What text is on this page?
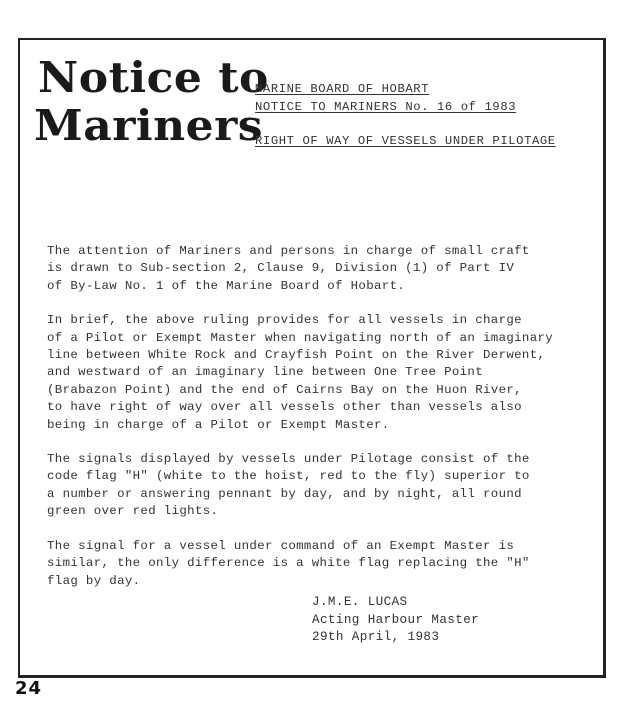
Notice to
Mariners
MARINE BOARD OF HOBART
NOTICE TO MARINERS No. 16 of 1983
RIGHT OF WAY OF VESSELS UNDER PILOTAGE
The attention of Mariners and persons in charge of small craft
is drawn to Sub-section 2, Clause 9, Division (1) of Part IV
of By-Law No. 1 of the Marine Board of Hobart.
In brief, the above ruling provides for all vessels in charge
of a Pilot or Exempt Master when navigating north of an imaginary
line between White Rock and Crayfish Point on the River Derwent,
and westward of an imaginary line between One Tree Point
(Brabazon Point) and the end of Cairns Bay on the Huon River,
to have right of way over all vessels other than vessels also
being in charge of a Pilot or Exempt Master.
The signals displayed by vessels under Pilotage consist of the
code flag "H" (white to the hoist, red to the fly) superior to
a number or answering pennant by day, and by night, all round
green over red lights.
The signal for a vessel under command of an Exempt Master is
similar, the only difference is a white flag replacing the "H"
flag by day.
J.M.E. LUCAS
Acting Harbour Master
29th April, 1983
24
